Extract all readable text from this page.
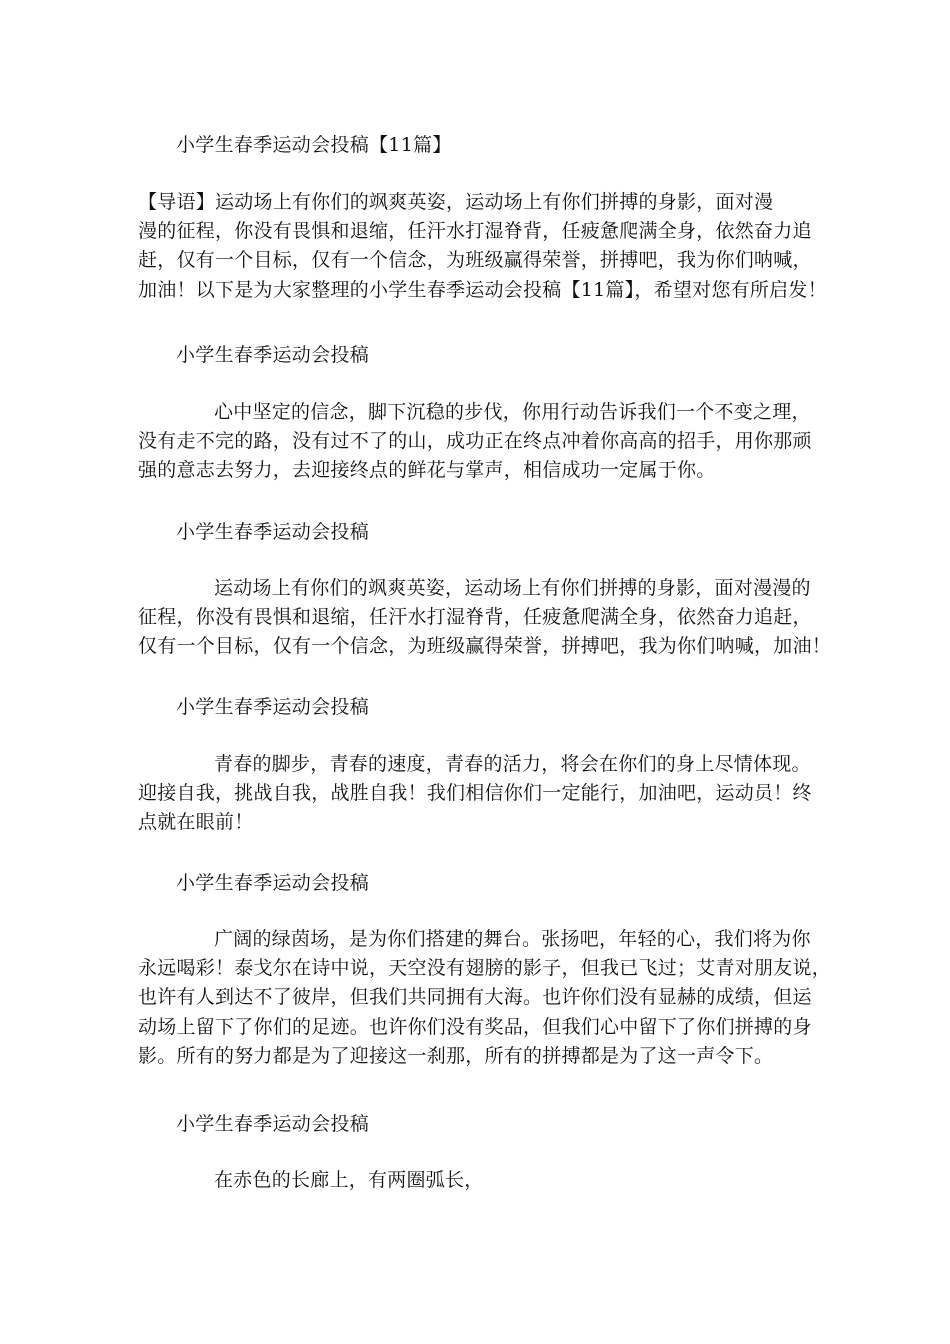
小学生春季运动会投稿【11篇】
【导语】运动场上有你们的飒爽英姿，运动场上有你们拼搏的身影，面对漫
漫的征程，你没有畏惧和退缩，任汗水打湿脊背，任疲惫爬满全身，依然奋力追
赶，仅有一个目标，仅有一个信念，为班级赢得荣誉，拼搏吧，我为你们呐喊，
加油！以下是为大家整理的小学生春季运动会投稿【11篇】，希望对您有所启发！
小学生春季运动会投稿
心中坚定的信念，脚下沉稳的步伐，你用行动告诉我们一个不变之理，
没有走不完的路，没有过不了的山，成功正在终点冲着你高高的招手，用你那顽
强的意志去努力，去迎接终点的鲜花与掌声，相信成功一定属于你。
小学生春季运动会投稿
运动场上有你们的飒爽英姿，运动场上有你们拼搏的身影，面对漫漫的
征程，你没有畏惧和退缩，任汗水打湿脊背，任疲惫爬满全身，依然奋力追赶，
仅有一个目标，仅有一个信念，为班级赢得荣誉，拼搏吧，我为你们呐喊，加油！
小学生春季运动会投稿
青春的脚步，青春的速度，青春的活力，将会在你们的身上尽情体现。
迎接自我，挑战自我，战胜自我！我们相信你们一定能行，加油吧，运动员！终
点就在眼前！
小学生春季运动会投稿
广阔的绿茵场，是为你们搭建的舞台。张扬吧，年轻的心，我们将为你
永远喝彩！泰戈尔在诗中说，天空没有翅膀的影子，但我已飞过；艾青对朋友说，
也许有人到达不了彼岸，但我们共同拥有大海。也许你们没有显赫的成绩，但运
动场上留下了你们的足迹。也许你们没有奖品，但我们心中留下了你们拼搏的身
影。所有的努力都是为了迎接这一刹那，所有的拼搏都是为了这一声令下。
小学生春季运动会投稿
在赤色的长廊上，有两圈弧长，
